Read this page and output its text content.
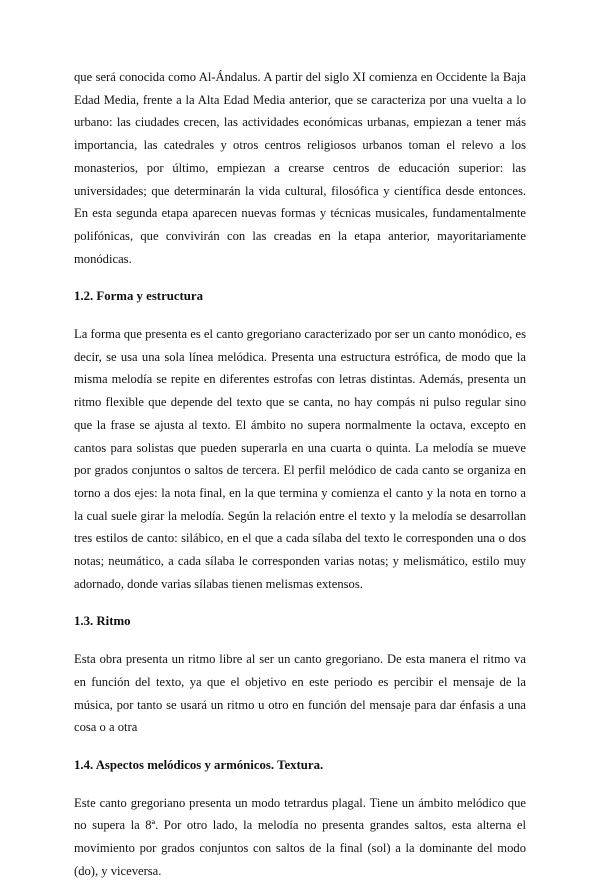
que será conocida como Al-Ándalus. A partir del siglo XI comienza en Occidente la Baja Edad Media, frente a la Alta Edad Media anterior, que se caracteriza por una vuelta a lo urbano: las ciudades crecen, las actividades económicas urbanas, empiezan a tener más importancia, las catedrales y otros centros religiosos urbanos toman el relevo a los monasterios, por último, empiezan a crearse centros de educación superior: las universidades; que determinarán la vida cultural, filosófica y científica desde entonces. En esta segunda etapa aparecen nuevas formas y técnicas musicales, fundamentalmente polifónicas, que convivirán con las creadas en la etapa anterior, mayoritariamente monódicas.

1.2. Forma y estructura

La forma que presenta es el canto gregoriano caracterizado por ser un canto monódico, es decir, se usa una sola línea melódica. Presenta una estructura estrófica, de modo que la misma melodía se repite en diferentes estrofas con letras distintas. Además, presenta un ritmo flexible que depende del texto que se canta, no hay compás ni pulso regular sino que la frase se ajusta al texto. El ámbito no supera normalmente la octava, excepto en cantos para solistas que pueden superarla en una cuarta o quinta. La melodía se mueve por grados conjuntos o saltos de tercera. El perfil melódico de cada canto se organiza en torno a dos ejes: la nota final, en la que termina y comienza el canto y la nota en torno a la cual suele girar la melodía. Según la relación entre el texto y la melodía se desarrollan tres estilos de canto: silábico, en el que a cada sílaba del texto le corresponden una o dos notas; neumático, a cada sílaba le corresponden varias notas; y melismático, estilo muy adornado, donde varias sílabas tienen melismas extensos.

1.3. Ritmo

Esta obra presenta un ritmo libre al ser un canto gregoriano. De esta manera el ritmo va en función del texto, ya que el objetivo en este periodo es percibir el mensaje de la música, por tanto se usará un ritmo u otro en función del mensaje para dar énfasis a una cosa o a otra

1.4. Aspectos melódicos y armónicos. Textura.

Este canto gregoriano presenta un modo tetrardus plagal. Tiene un ámbito melódico que no supera la 8ª. Por otro lado, la melodía no presenta grandes saltos, esta alterna el movimiento por grados conjuntos con saltos de la final (sol) a la dominante del modo (do), y viceversa.
